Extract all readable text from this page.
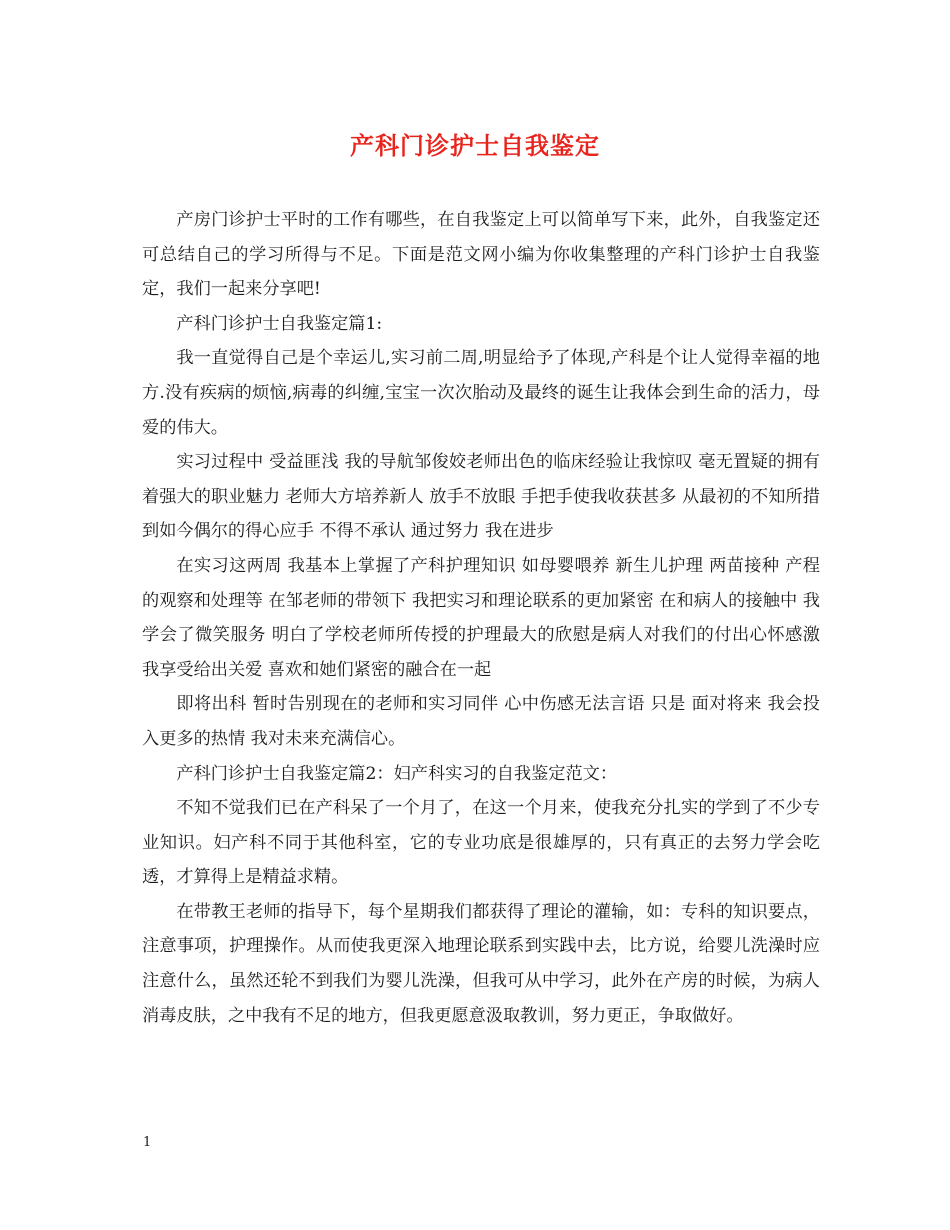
产科门诊护士自我鉴定

产房门诊护士平时的工作有哪些，在自我鉴定上可以简单写下来，此外，自我鉴定还可总结自己的学习所得与不足。下面是范文网小编为你收集整理的产科门诊护士自我鉴定，我们一起来分享吧!

产科门诊护士自我鉴定篇1:

我一直觉得自己是个幸运儿,实习前二周,明显给予了体现,产科是个让人觉得幸福的地方.没有疾病的烦恼,病毒的纠缠,宝宝一次次胎动及最终的诞生让我体会到生命的活力，母爱的伟大。

实习过程中 受益匪浅 我的导航邹俊姣老师出色的临床经验让我惊叹 毫无置疑的拥有着强大的职业魅力 老师大方培养新人 放手不放眼 手把手使我收获甚多 从最初的不知所措到如今偶尔的得心应手 不得不承认 通过努力 我在进步

在实习这两周 我基本上掌握了产科护理知识 如母婴喂养 新生儿护理 两苗接种 产程的观察和处理等 在邹老师的带领下 我把实习和理论联系的更加紧密 在和病人的接触中 我学会了微笑服务 明白了学校老师所传授的护理最大的欣慰是病人对我们的付出心怀感激 我享受给出关爱 喜欢和她们紧密的融合在一起

即将出科 暂时告别现在的老师和实习同伴 心中伤感无法言语 只是 面对将来 我会投入更多的热情 我对未来充满信心。

产科门诊护士自我鉴定篇2：妇产科实习的自我鉴定范文：

不知不觉我们已在产科呆了一个月了，在这一个月来，使我充分扎实的学到了不少专业知识。妇产科不同于其他科室，它的专业功底是很雄厚的，只有真正的去努力学会吃透，才算得上是精益求精。

在带教王老师的指导下，每个星期我们都获得了理论的灌输，如：专科的知识要点，注意事项，护理操作。从而使我更深入地理论联系到实践中去，比方说，给婴儿洗澡时应注意什么，虽然还轮不到我们为婴儿洗澡，但我可从中学习，此外在产房的时候，为病人消毒皮肤，之中我有不足的地方，但我更愿意汲取教训，努力更正，争取做好。

1
